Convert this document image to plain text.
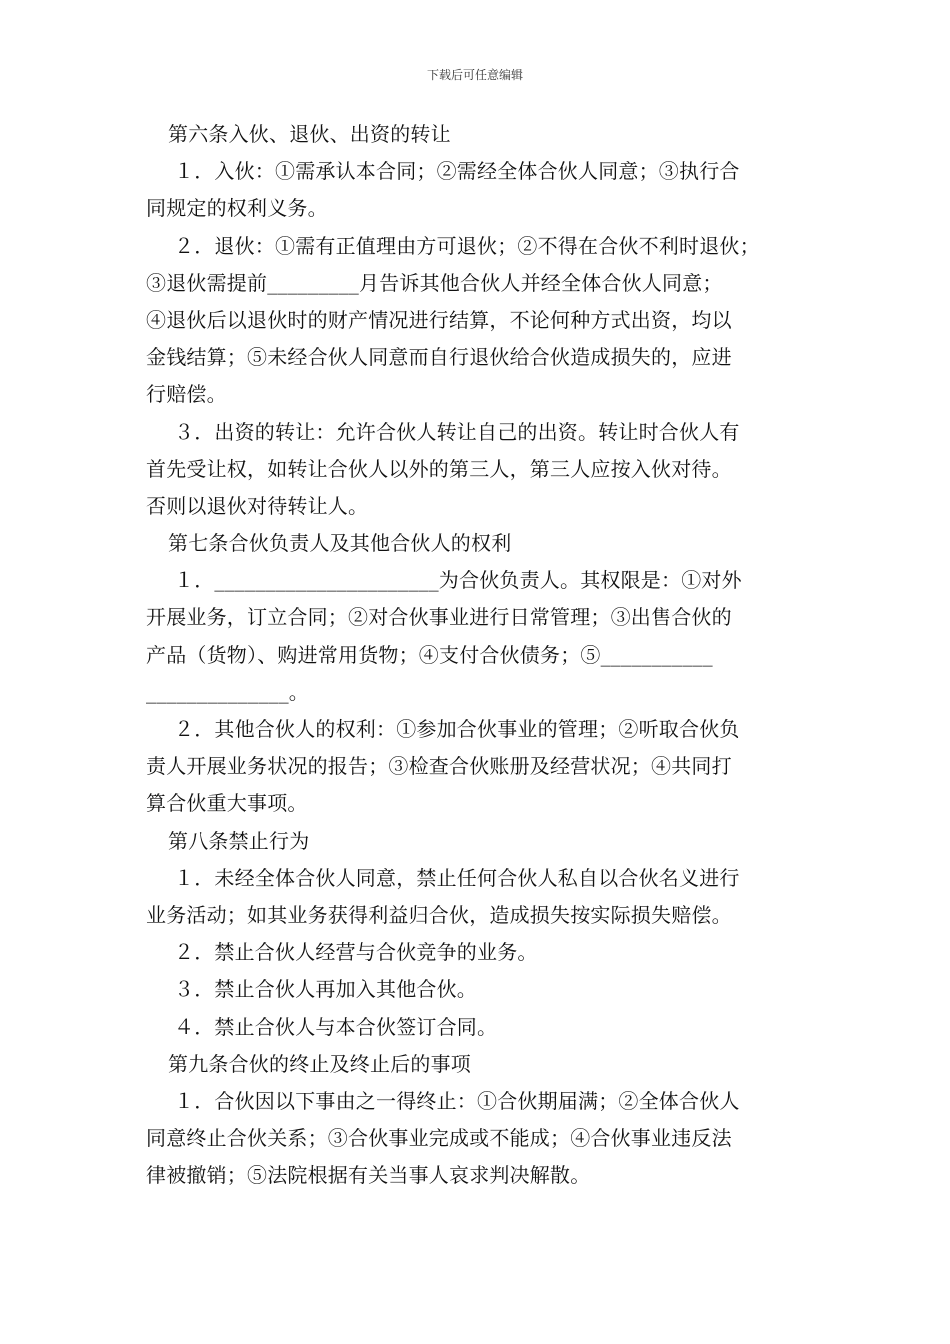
下载后可任意编辑
第六条入伙、退伙、出资的转让
１．入伙：①需承认本合同；②需经全体合伙人同意；③执行合
同规定的权利义务。
２．退伙：①需有正值理由方可退伙；②不得在合伙不利时退伙；
③退伙需提前_________月告诉其他合伙人并经全体合伙人同意；
④退伙后以退伙时的财产情况进行结算，不论何种方式出资，均以
金钱结算；⑤未经合伙人同意而自行退伙给合伙造成损失的，应进
行赔偿。
３．出资的转让：允许合伙人转让自己的出资。转让时合伙人有
首先受让权，如转让合伙人以外的第三人，第三人应按入伙对待。
否则以退伙对待转让人。
第七条合伙负责人及其他合伙人的权利
１．______________________为合伙负责人。其权限是：①对外
开展业务，订立合同；②对合伙事业进行日常管理；③出售合伙的
产品（货物）、购进常用货物；④支付合伙债务；⑤___________
______________。
２．其他合伙人的权利：①参加合伙事业的管理；②听取合伙负
责人开展业务状况的报告；③检查合伙账册及经营状况；④共同打
算合伙重大事项。
第八条禁止行为
１．未经全体合伙人同意，禁止任何合伙人私自以合伙名义进行
业务活动；如其业务获得利益归合伙，造成损失按实际损失赔偿。
２．禁止合伙人经营与合伙竞争的业务。
３．禁止合伙人再加入其他合伙。
４．禁止合伙人与本合伙签订合同。
第九条合伙的终止及终止后的事项
１．合伙因以下事由之一得终止：①合伙期届满；②全体合伙人
同意终止合伙关系；③合伙事业完成或不能成；④合伙事业违反法
律被撤销；⑤法院根据有关当事人哀求判决解散。
